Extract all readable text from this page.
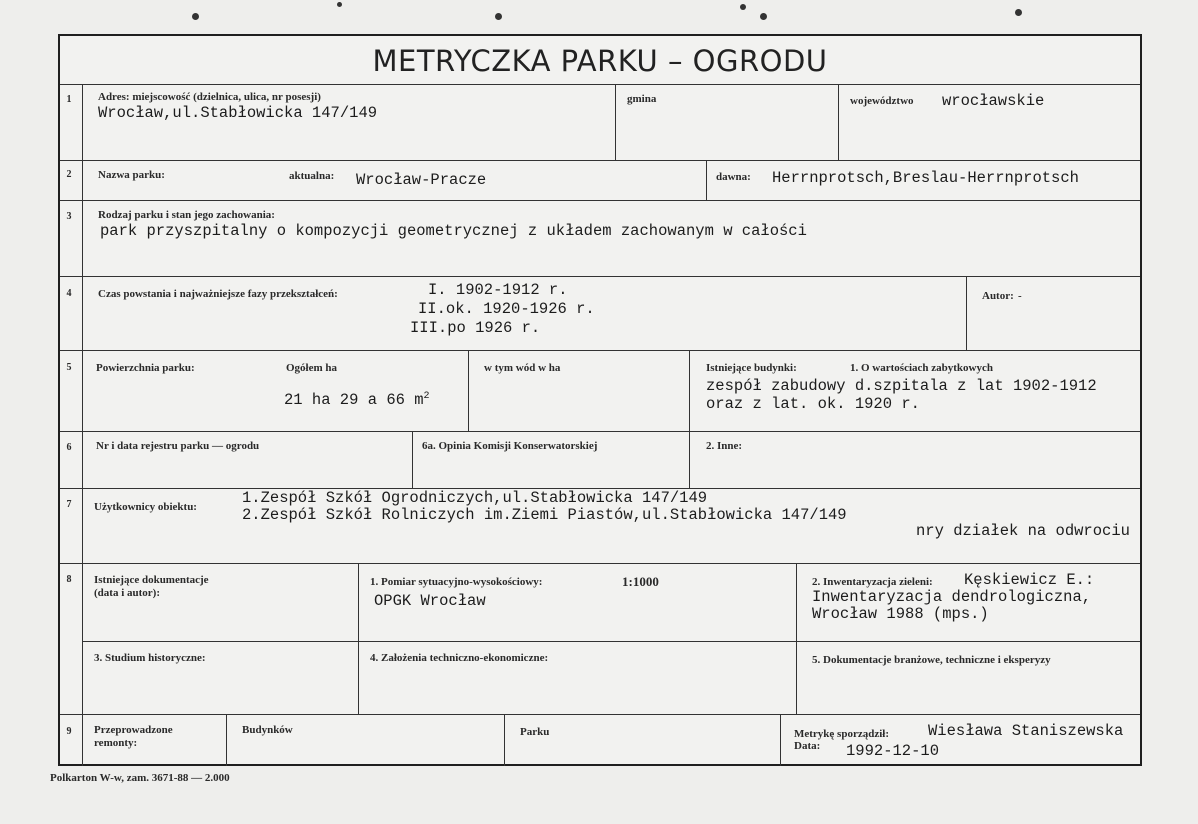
METRYCZKA PARKU – OGRODU
1	Adres: miejscowość (dzielnica, ulica, nr posesji)
Wrocław,ul.Stabłowicka 147/149
gmina	województwo wrocławskie
2	Nazwa parku:	aktualna: Wrocław-Pracze	dawna: Herrnprotsch,Breslau-Herrnprotsch
3	Rodzaj parku i stan jego zachowania:
park przyszpitalny o kompozycji geometrycznej z układem zachowanym w całości
4	Czas powstania i najważniejsze fazy przekształceń:	I. 1902-1912 r.
II.ok. 1920-1926 r.
III.po 1926 r.
Autor: -
5	Powierzchnia parku:	Ogółem ha
21 ha 29 a 66 $m^2$
w tym wód w ha	Istniejące budynki:	1. O wartościach zabytkowych
zespół zabudowy d.szpitala z lat 1902-1912
oraz z lat. ok. 1920 r.
6	Nr i data rejestru parku — ogrodu	6a. Opinia Komisji Konserwatorskiej	2. Inne:
7	Użytkownicy obiektu:	1.Zespół Szkół Ogrodniczych,ul.Stabłowicka 147/149
2.Zespół Szkół Rolniczych im.Ziemi Piastów,ul.Stabłowicka 147/149
nry działek na odwrociu
8	Istniejące dokumentacje
(data i autor):
1. Pomiar sytuacyjno-wysokościowy:	1:1000
OPGK Wrocław
2. Inwentaryzacja zieleni: Kęskiewicz E.:
Inwentaryzacja dendrologiczna,
Wrocław 1988 (mps.)
3. Studium historyczne:	4. Założenia techniczno-ekonomiczne:	5. Dokumentacje branżowe, techniczne i eksperyzy
9	Przeprowadzone
remonty:
Budynków	Parku	Metrykę sporządził:	Wiesława Staniszewska
Data: 1992-12-10
Polkarton W-w, zam. 3671-88 — 2.000
